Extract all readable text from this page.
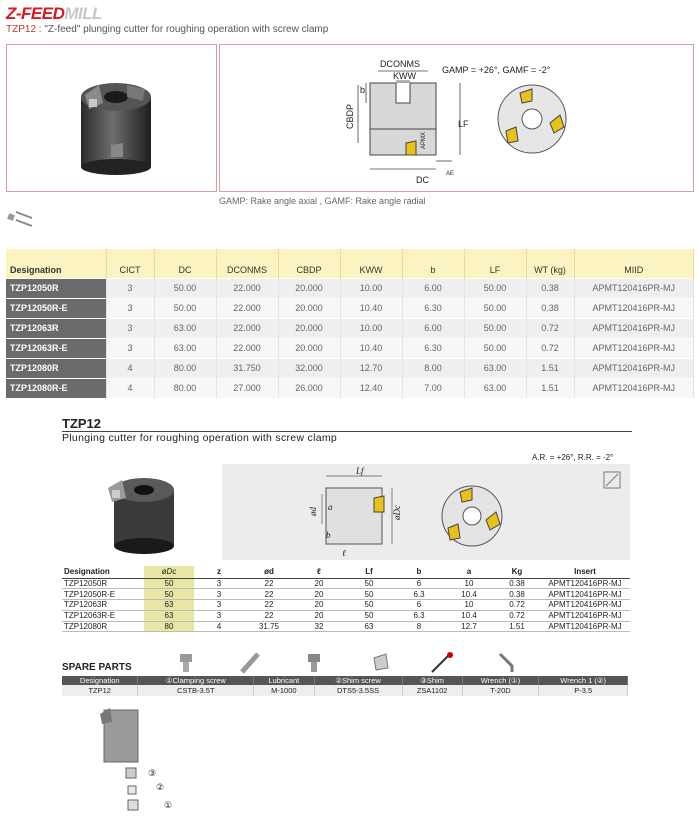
Z-FEEDMILL
TZP12 : "Z-feed" plunging cutter for roughing operation with screw clamp
DCONMS
KWW
b
CBDP	LF
APMX
DC
AE
GAMP = +26°, GAMF = -2°
GAMP: Rake angle axial , GAMF: Rake angle radial
Designation	CICT	DC	DCONMS	CBDP	KWW	b	LF	WT (kg)	MIID
TZP12050R	3	50.00	22.000	20.000	10.00	6.00	50.00	0.38	APMT120416PR-MJ
TZP12050R-E	3	50.00	22.000	20.000	10.40	6.30	50.00	0.38	APMT120416PR-MJ
TZP12063R	3	63.00	22.000	20.000	10.00	6.00	50.00	0.72	APMT120416PR-MJ
TZP12063R-E	3	63.00	22.000	20.000	10.40	6.30	50.00	0.72	APMT120416PR-MJ
TZP12080R	4	80.00	31.750	32.000	12.70	8.00	63.00	1.51	APMT120416PR-MJ
TZP12080R-E	4	80.00	27.000	26.000	12.40	7.00	63.00	1.51	APMT120416PR-MJ
TZP12
Plunging cutter for roughing operation with screw clamp
Lf
ød a
b
ℓ
øDc
A.R. = +26°, R.R. = -2°
Designation	øDc	z	ød	ℓ	Lf	b	a	Kg	Insert
TZP12050R	50	3	22	20	50	6	10	0.38	APMT120416PR-MJ
TZP12050R-E	50	3	22	20	50	6.3	10.4	0.38	APMT120416PR-MJ
TZP12063R	63	3	22	20	50	6	10	0.72	APMT120416PR-MJ
TZP12063R-E	63	3	22	20	50	6.3	10.4	0.72	APMT120416PR-MJ
TZP12080R	80	4	31.75	32	63	8	12.7	1.51	APMT120416PR-MJ
SPARE PARTS
Designation	①Clamping screw	Lubricant	②Shim screw	③Shim	Wrench (①)	Wrench 1 (②)
TZP12	CSTB-3.5T	M-1000	DTS5-3.5SS	ZSA1102	T-20D	P-3.5
③
②
①
